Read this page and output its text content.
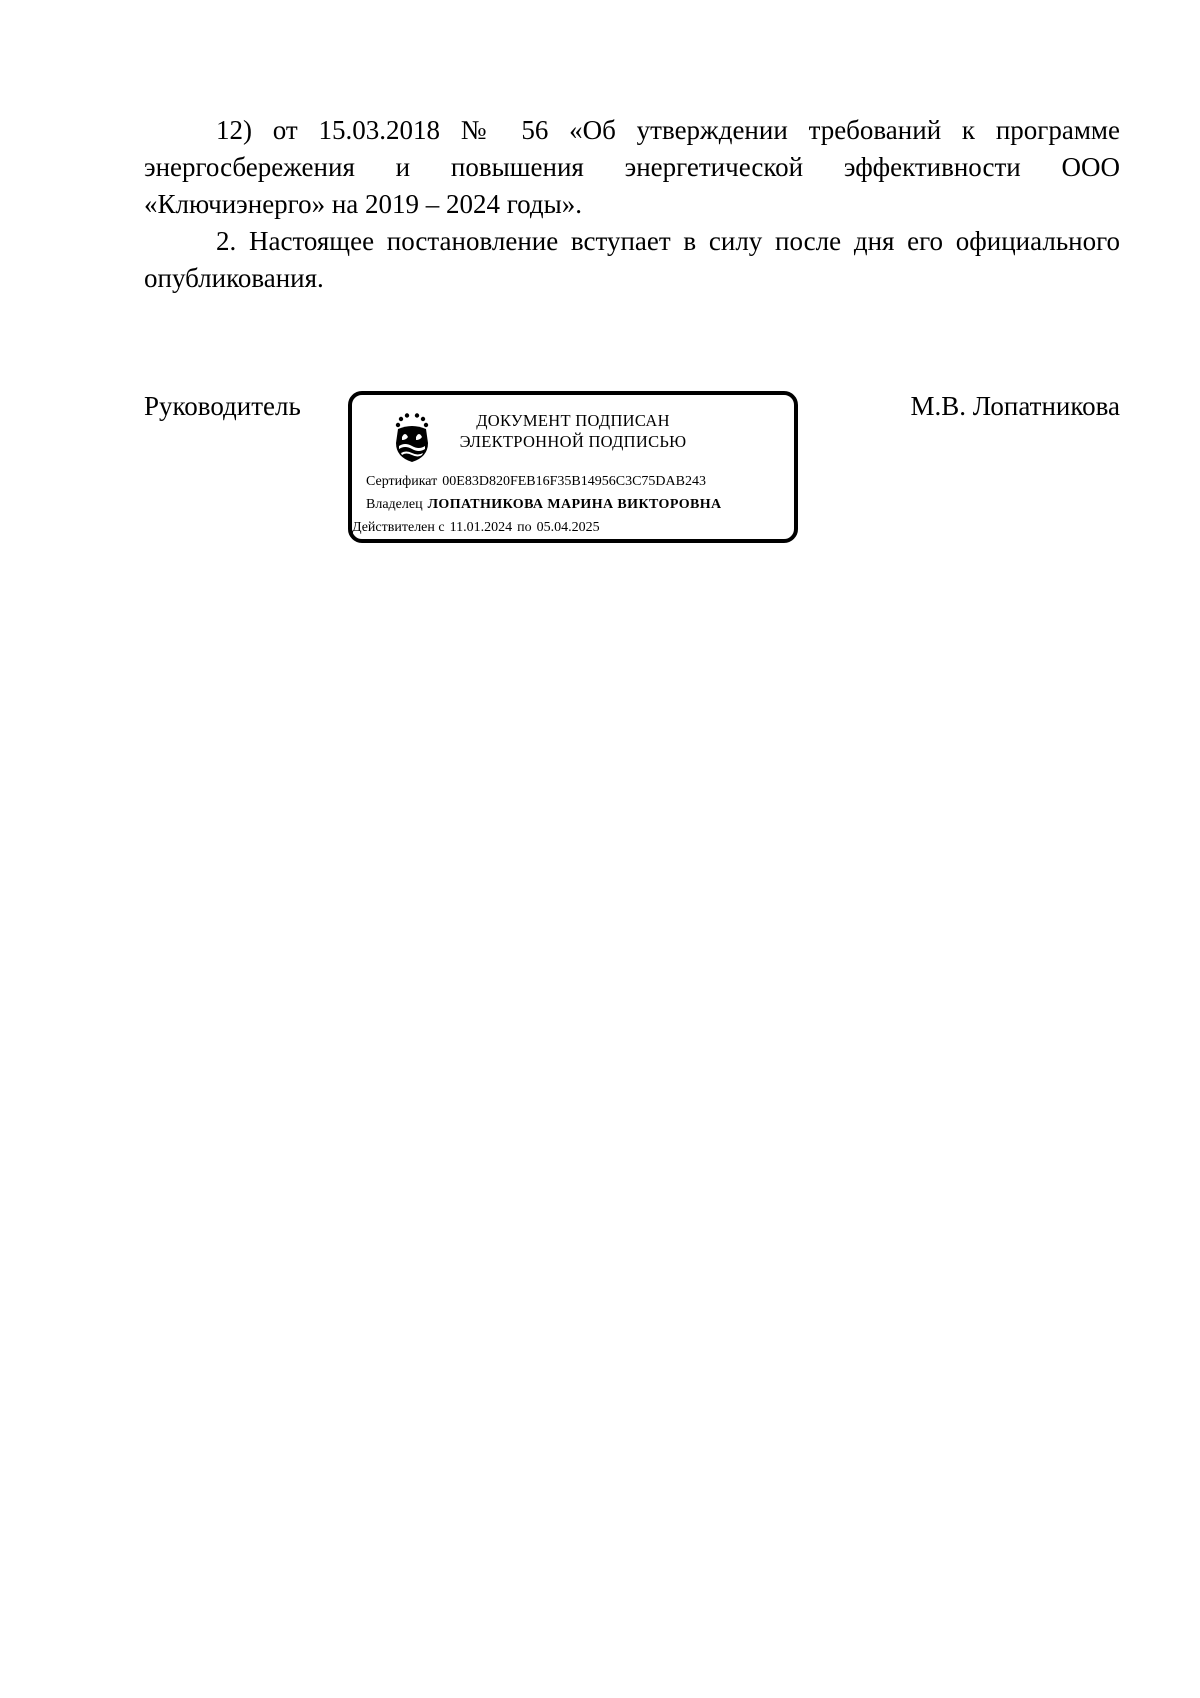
12) от 15.03.2018 № 56 «Об утверждении требований к программе энергосбережения и повышения энергетической эффективности ООО «Ключиэнерго» на 2019 – 2024 годы».

2. Настоящее постановление вступает в силу после дня его официального опубликования.

Руководитель	ДОКУМЕНТ ПОДПИСАН
ЭЛЕКТРОННОЙ ПОДПИСЬЮ
Сертификат 00E83D820FEB16F35B14956C3C75DAB243
Владелец ЛОПАТНИКОВА МАРИНА ВИКТОРОВНА
Действителен с 11.01.2024 по 05.04.2025
М.В. Лопатникова
